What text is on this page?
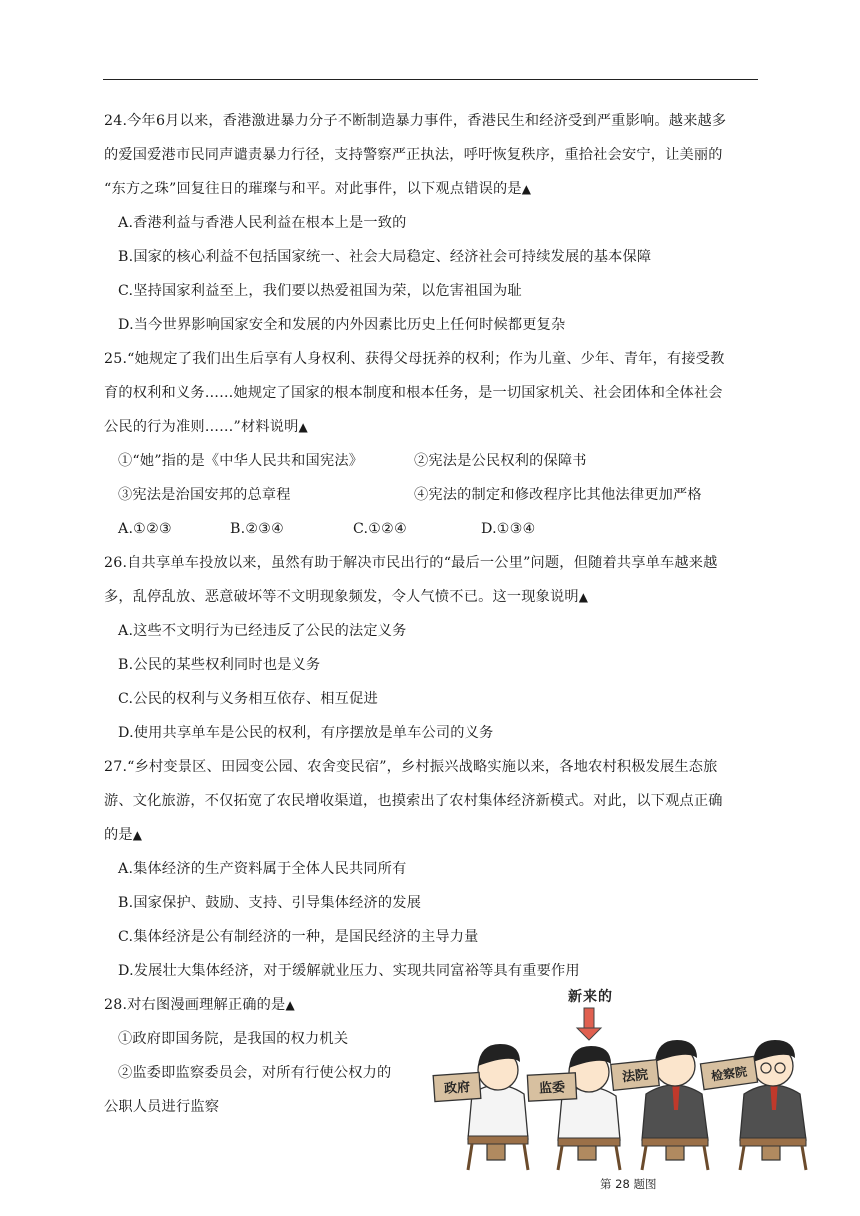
24.今年6月以来，香港激进暴力分子不断制造暴力事件，香港民生和经济受到严重影响。越来越多
的爱国爱港市民同声谴责暴力行径，支持警察严正执法，呼吁恢复秩序，重拾社会安宁，让美丽的
“东方之珠”回复往日的璀璨与和平。对此事件，以下观点错误的是▲
A.香港利益与香港人民利益在根本上是一致的
B.国家的核心利益不包括国家统一、社会大局稳定、经济社会可持续发展的基本保障
C.坚持国家利益至上，我们要以热爱祖国为荣，以危害祖国为耻
D.当今世界影响国家安全和发展的内外因素比历史上任何时候都更复杂
25.“她规定了我们出生后享有人身权利、获得父母抚养的权利；作为儿童、少年、青年，有接受教
育的权利和义务……她规定了国家的根本制度和根本任务，是一切国家机关、社会团体和全体社会
公民的行为准则……”材料说明▲
①“她”指的是《中华人民共和国宪法》	②宪法是公民权利的保障书
③宪法是治国安邦的总章程	④宪法的制定和修改程序比其他法律更加严格
A.①②③	B.②③④	C.①②④	D.①③④
26.自共享单车投放以来，虽然有助于解决市民出行的“最后一公里”问题，但随着共享单车越来越
多，乱停乱放、恶意破坏等不文明现象频发，令人气愤不已。这一现象说明▲
A.这些不文明行为已经违反了公民的法定义务
B.公民的某些权利同时也是义务
C.公民的权利与义务相互依存、相互促进
D.使用共享单车是公民的权利，有序摆放是单车公司的义务
27.“乡村变景区、田园变公园、农舍变民宿”，乡村振兴战略实施以来，各地农村积极发展生态旅
游、文化旅游，不仅拓宽了农民增收渠道，也摸索出了农村集体经济新模式。对此，以下观点正确
的是▲
A.集体经济的生产资料属于全体人民共同所有
B.国家保护、鼓励、支持、引导集体经济的发展
C.集体经济是公有制经济的一种，是国民经济的主导力量
D.发展壮大集体经济，对于缓解就业压力、实现共同富裕等具有重要作用
28.对右图漫画理解正确的是▲
①政府即国务院，是我国的权力机关
②监委即监察委员会，对所有行使公权力的
公职人员进行监察
新来的
政府	监委
法院	检察院
第 28 题图
